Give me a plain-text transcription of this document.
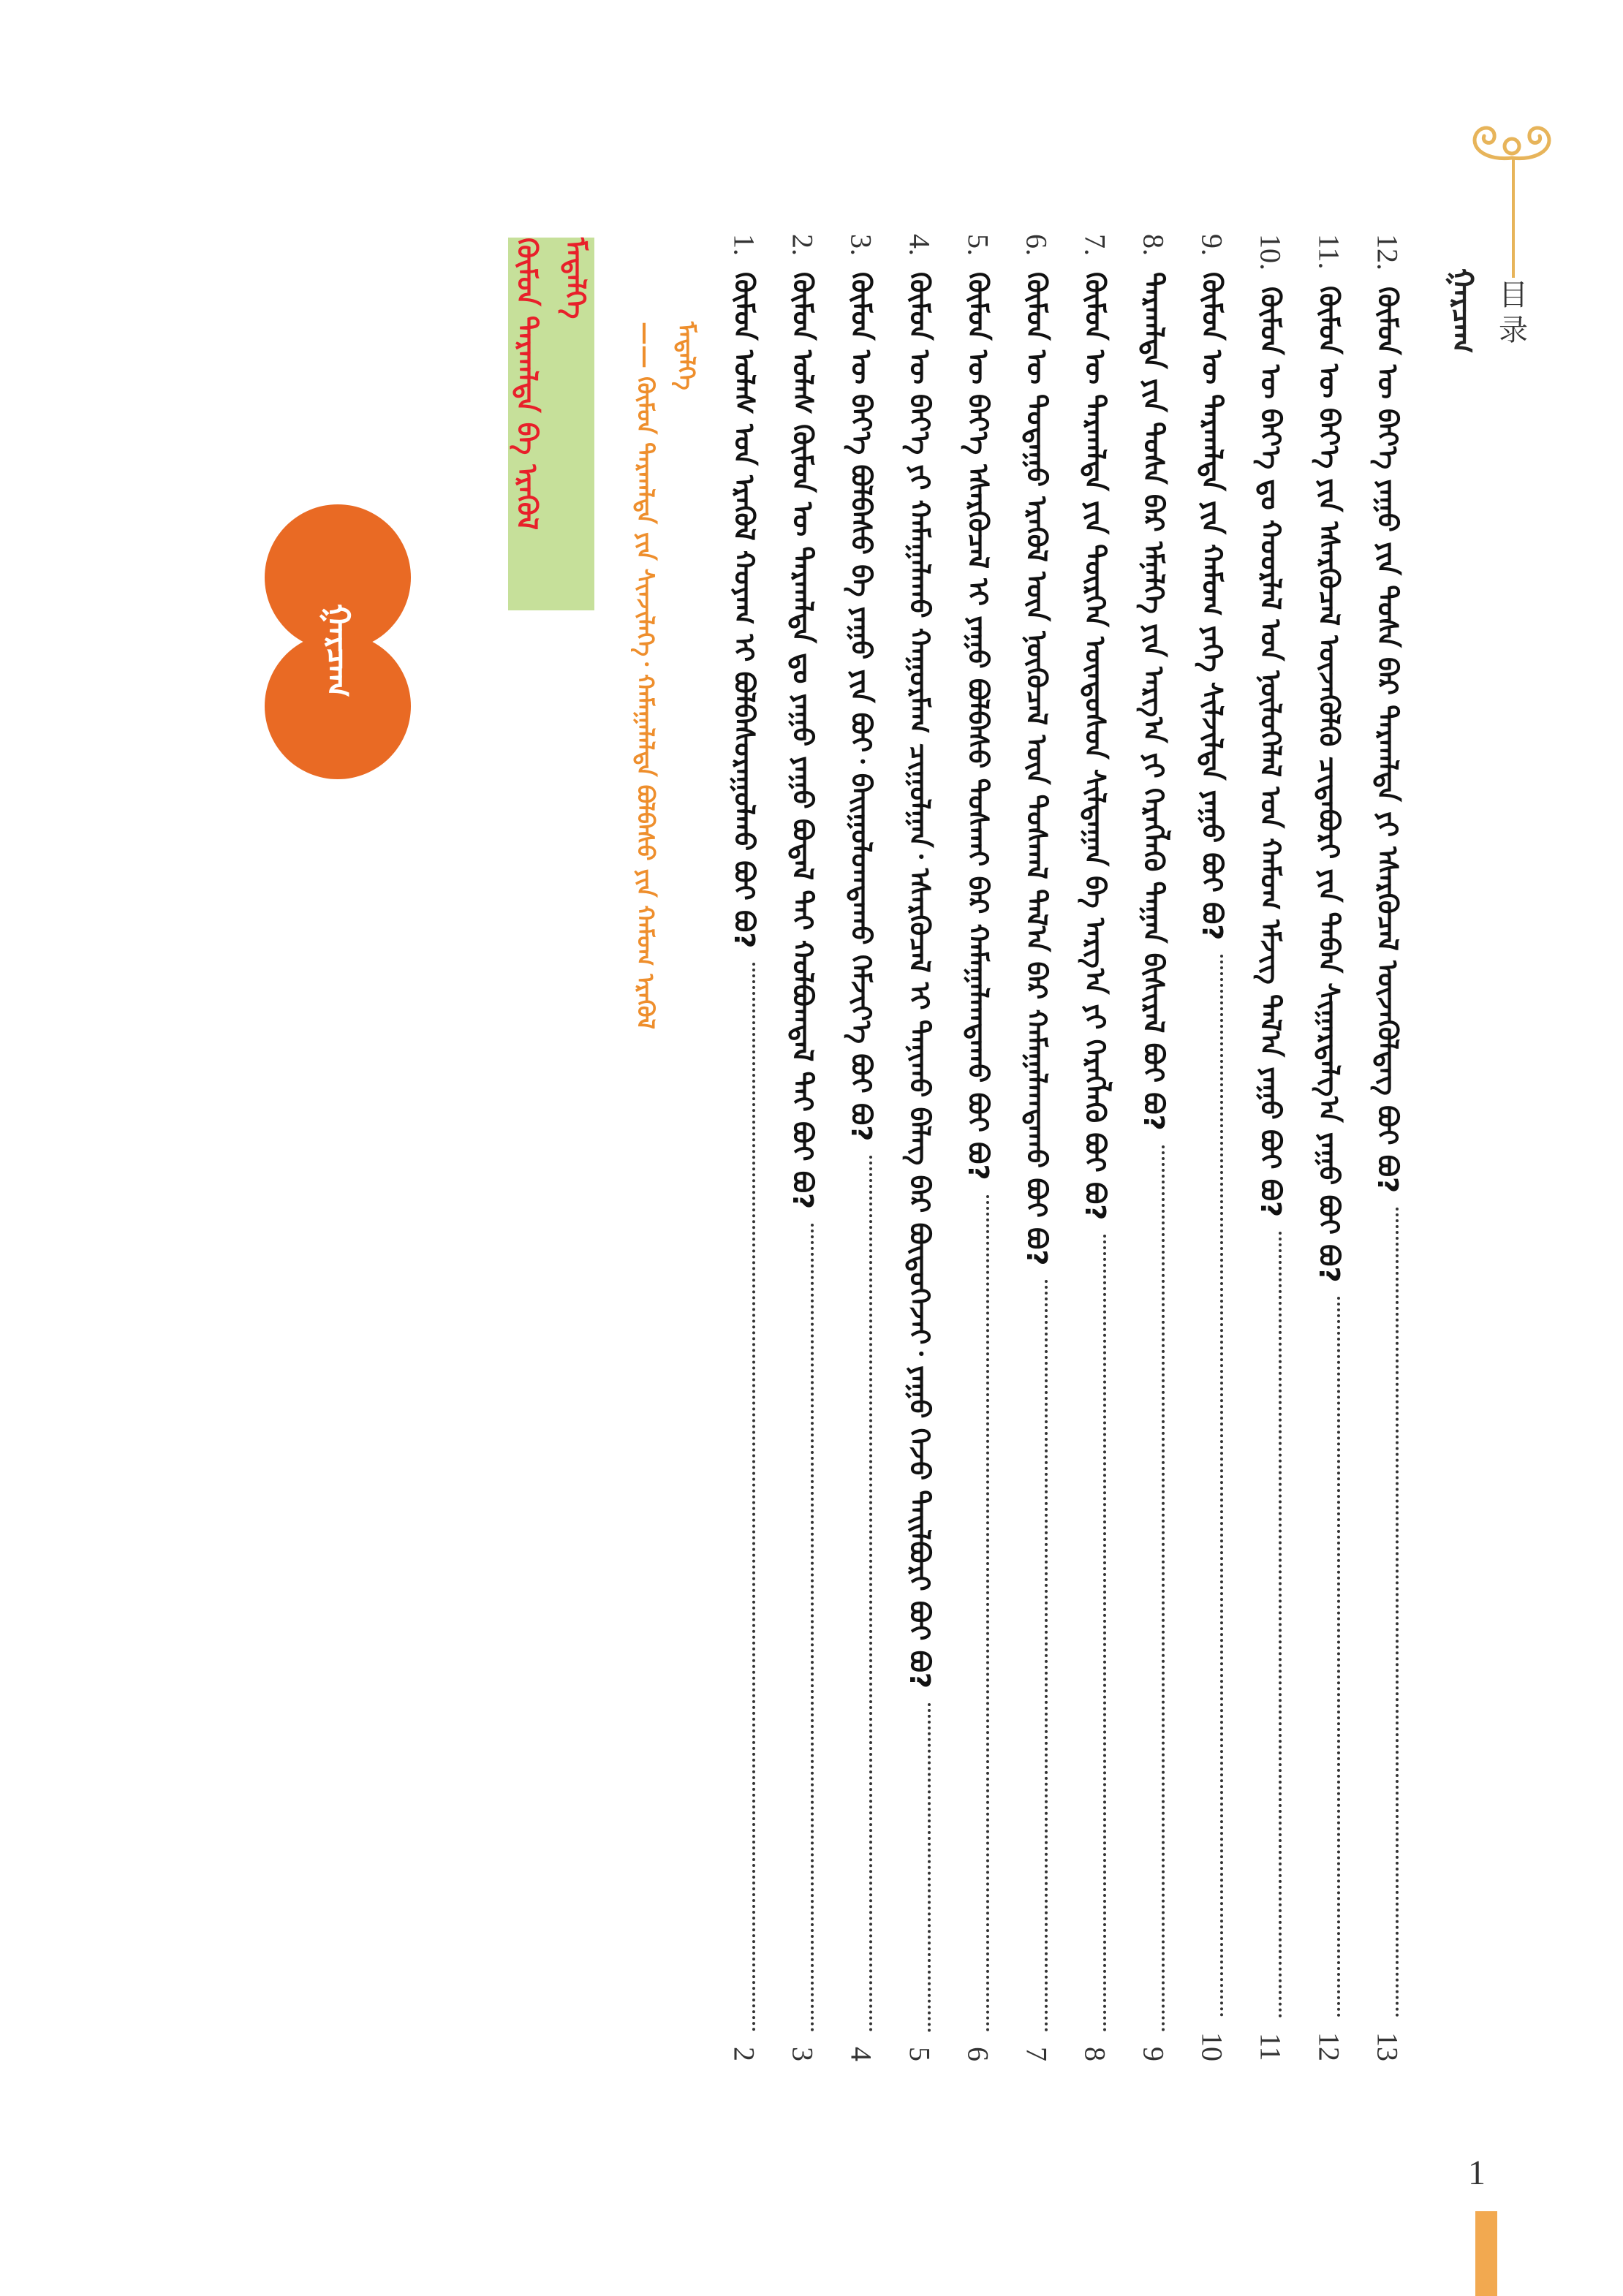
ᠭᠠᠷᠴᠠᠭ 目录
12.
ᠬᠦᠮᠦᠨ ᠦ ᠪᠡᠶ᠎ᠡ ᠶᠠᠭᠤ ᠶᠢᠨ ᠲᠤᠰᠠ ᠪᠠᠷ ᠲᠠᠷᠬᠠᠯᠲᠠ ᠶᠢ ᠡᠰᠡᠷᠭᠦᠴᠡᠯ ᠦᠵᠡᠭᠦᠯᠳᠡᠭ ᠪᠤᠢ ᠪᠤ?
13
11.
ᠬᠦᠮᠦᠨ ᠦ ᠪᠡᠶ᠎ᠡ ᠶᠢᠨ ᠡᠰᠡᠷᠭᠦᠴᠡᠯ ᠦᠵᠡᠭᠦᠯᠬᠦ ᠴᠢᠳᠠᠪᠤᠷᠢ ᠶᠢᠨ ᠲᠠᠪᠠᠨ ᠰᠢᠭᠠᠷᠳᠠᠯᠭ᠎ᠠ ᠶᠠᠭᠤ ᠪᠤᠢ ᠪᠤ?
12
10.
ᠬᠦᠮᠦᠨ ᠦ ᠪᠡᠶ᠎ᠡ ᠳᠤ ᠬᠣᠣᠷᠯᠠᠯ ᠤᠨ ᠨᠥᠯᠦᠭᠡᠯᠡᠯ ᠤᠨ ᠬᠠᠮᠤᠭ ᠡᠮᠵᠢᠭ ᠲᠠᠯ᠎ᠠ ᠶᠠᠭᠤ ᠪᠤᠢ ᠪᠤ?
11
9.
ᠬᠦᠮᠦᠨ ᠦ ᠲᠠᠷᠬᠠᠯᠲᠠ ᠶᠢᠨ ᠬᠠᠮᠤᠭ ᠶᠡᠬᠡ ᠰᠢᠯᠵᠢᠯᠲᠡ ᠶᠠᠭᠤ ᠪᠤᠢ ᠪᠤ?
10
8.
ᠲᠠᠷᠬᠠᠯᠲᠠ ᠶᠢᠨ ᠲᠤᠰᠠ ᠪᠠᠷ ᠡᠮᠨᠡᠯᠭᠡ ᠶᠢᠨ ᠠᠷᠭ᠎ᠠ ᠶᠢ ᠬᠡᠷᠡᠭᠯᠡᠬᠦ ᠳᠠᠭᠠᠨ ᠪᠢᠰᠢᠷᠡᠯ ᠪᠤᠢ ᠪᠤ?
9
7.
ᠬᠦᠮᠦᠨ ᠦ ᠲᠠᠷᠬᠠᠯᠲᠠ ᠶᠢᠨ ᠲᠦᠷᠭᠡᠨ ᠦᠨᠳᠦᠰᠦᠨ ᠰᠢᠯᠲᠠᠭᠠᠨ ᠪᠠ ᠠᠷᠭ᠎ᠠ ᠶᠢ ᠬᠡᠷᠡᠭᠯᠡᠬᠦ ᠪᠤᠢ ᠪᠤ?
8
6.
ᠬᠦᠮᠦᠨ ᠦ ᠳᠤᠲᠠᠭᠤ ᠡᠷᠡᠬᠦᠯ ᠦᠨ ᠨᠥᠬᠦᠴᠡᠯ ᠦᠨ ᠳᠤᠰᠬᠠᠯ ᠲᠠᠯ᠎ᠠ ᠪᠠᠷ ᠬᠠᠮᠠᠭᠠᠯᠠᠭᠳᠠᠬᠤ ᠪᠤᠢ ᠪᠤ?
7
5.
ᠬᠦᠮᠦᠨ ᠦ ᠪᠡᠶ᠎ᠡ ᠡᠰᠡᠷᠭᠦᠴᠡᠯ ᠢ ᠶᠠᠭᠤ ᠪᠤᠯᠪᠠᠰᠤ ᠲᠤᠰᠬᠠᠶ ᠪᠠᠷ ᠬᠠᠮᠠᠭᠠᠯᠠᠭᠳᠠᠬᠤ ᠪᠤᠢ ᠪᠤ?
6
4.
ᠬᠦᠮᠦᠨ ᠦ ᠪᠡᠶ᠎ᠡ ᠶᠢ ᠬᠠᠮᠠᠭᠠᠯᠠᠬᠤ ᠬᠠᠭᠤᠷᠮᠠᠭ ᠴᠢᠭᠤᠯᠭᠠᠨ᠂ ᠡᠰᠡᠷᠭᠦᠴᠡᠯ ᠢ ᠲᠠᠨᠢᠬᠤ ᠪᠡᠯᠡᠭ ᠪᠠᠷ ᠪᠦᠲᠦᠭᠡᠵᠡᠢ᠂ ᠶᠠᠭᠤ ᠭᠡᠵᠦ ᠲᠠᠢᠯᠪᠤᠷᠢ ᠪᠤᠢ ᠪᠤ?
5
3.
ᠬᠦᠮᠦᠨ ᠦ ᠪᠡᠶ᠎ᠡ ᠪᠤᠯᠪᠠᠰᠤ ᠪᠠ ᠶᠠᠭᠤ ᠶᠢᠨ ᠪᠣᠢ᠂ ᠪᠠᠢᠭᠤᠯᠤᠭᠳᠠᠬᠤ ᠬᠡᠮᠵᠢᠶ᠎ᠡ ᠪᠤᠢ ᠪᠤ?
4
2.
ᠬᠦᠮᠦᠨ ᠤᠯᠠᠰ ᠬᠦᠮᠦᠨ ᠦ ᠲᠠᠷᠬᠠᠯᠲᠠ ᠳᠤ ᠶᠠᠭᠤ ᠶᠠᠭᠤ ᠪᠤᠳᠠᠯ ᠲᠠᠢ ᠬᠣᠯᠪᠤᠭᠳᠠᠯ ᠲᠠᠢ ᠪᠤᠢ ᠪᠤ?
3
1.
ᠬᠦᠮᠦᠨ ᠤᠯᠠᠰ ᠤᠨ ᠡᠷᠡᠭᠦᠯ ᠬᠣᠶᠠᠭ ᠢ ᠪᠣᠯᠪᠠᠰᠤᠷᠠᠭᠤᠯᠬᠤ ᠪᠤᠢ ᠪᠤ?
2
—— ᠬᠦᠮᠦᠨ ᠲᠠᠷᠬᠠᠯᠲᠠ ᠶᠢᠨ ᠰᠢᠨᠵᠢᠯᠡᠭᠡ᠂ ᠬᠠᠮᠠᠭᠠᠯᠠᠯᠲᠠ ᠪᠤᠯᠪᠠᠰᠤ ᠶᠢᠨ ᠬᠠᠮᠤᠭ ᠡᠷᠡᠬᠦᠯ ᠮᠡᠳᠡᠯᠭᠡ
ᠬᠦᠮᠦᠨ ᠲᠠᠷᠬᠠᠯᠲᠠ ᠪᠠ ᠡᠷᠡᠭᠦᠯ ᠮᠡᠳᠡᠯᠭᠡ
ᠭᠠᠷᠴᠠᠭ
1
